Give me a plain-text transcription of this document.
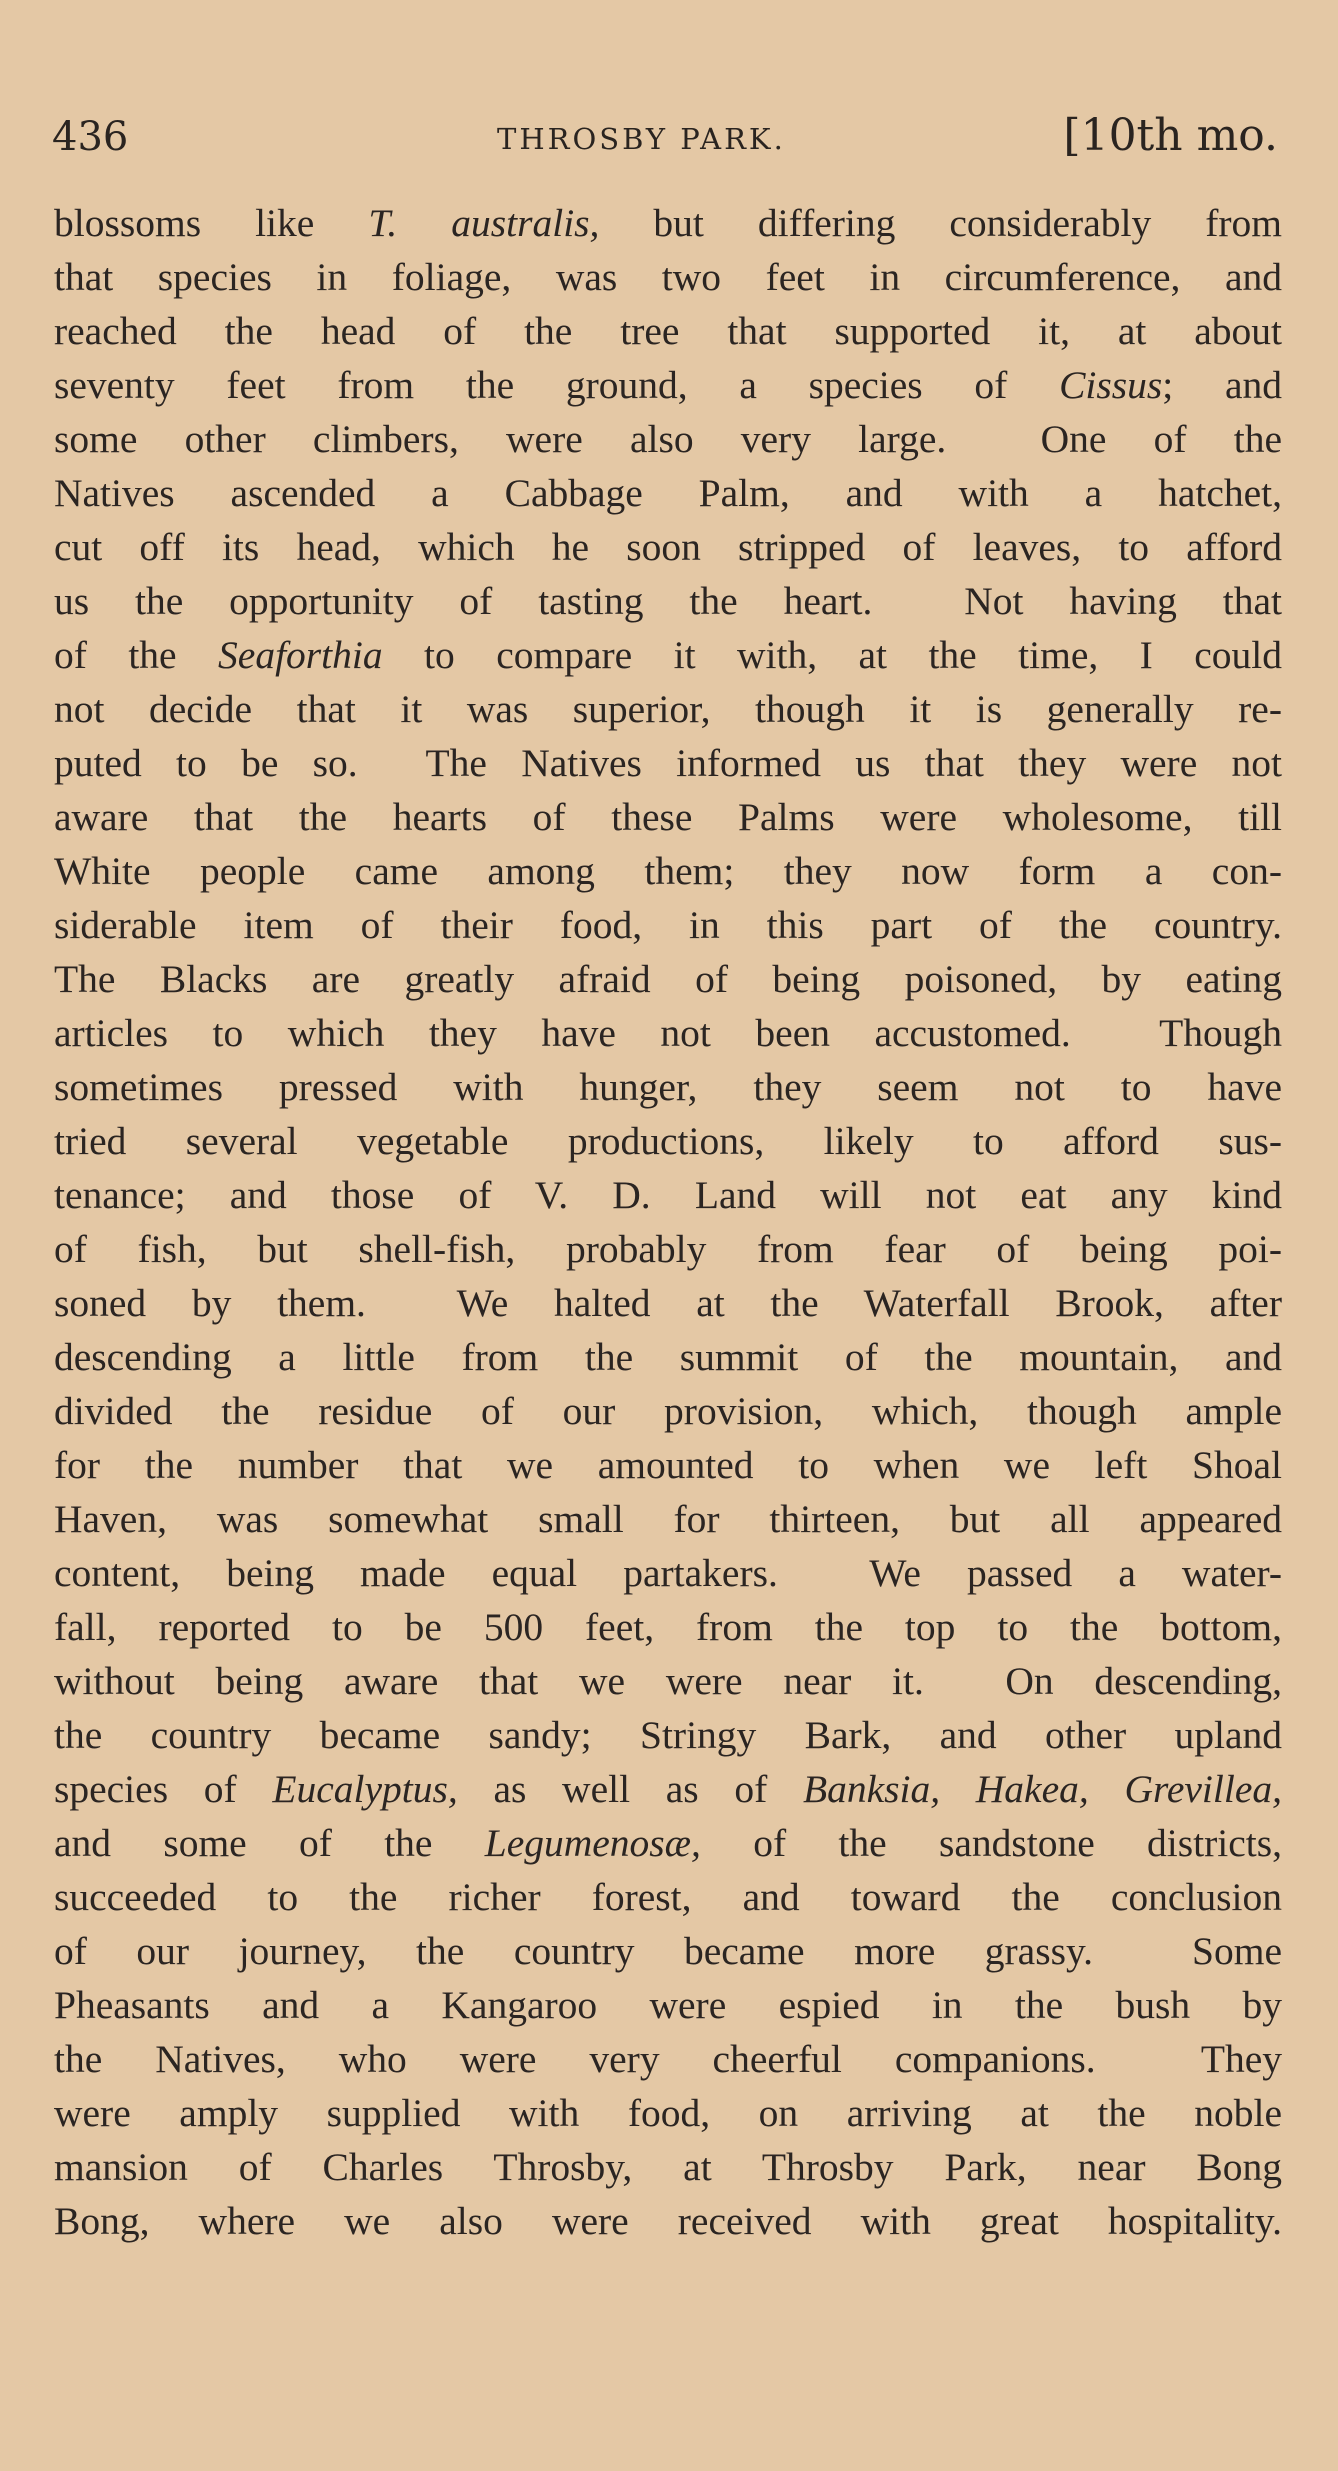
436	THROSBY PARK.	[10th mo.
blossoms like T. australis, but differing considerably from
that species in foliage, was two feet in circumference, and
reached the head of the tree that supported it, at about
seventy feet from the ground, a species of Cissus; and
some other climbers, were also very large.  One of the
Natives ascended a Cabbage Palm, and with a hatchet,
cut off its head, which he soon stripped of leaves, to afford
us the opportunity of tasting the heart.  Not having that
of the Seaforthia to compare it with, at the time, I could
not decide that it was superior, though it is generally re-
puted to be so.  The Natives informed us that they were not
aware that the hearts of these Palms were wholesome, till
White people came among them; they now form a con-
siderable item of their food, in this part of the country.
The Blacks are greatly afraid of being poisoned, by eating
articles to which they have not been accustomed.  Though
sometimes pressed with hunger, they seem not to have
tried several vegetable productions, likely to afford sus-
tenance; and those of V. D. Land will not eat any kind
of fish, but shell-fish, probably from fear of being poi-
soned by them.  We halted at the Waterfall Brook, after
descending a little from the summit of the mountain, and
divided the residue of our provision, which, though ample
for the number that we amounted to when we left Shoal
Haven, was somewhat small for thirteen, but all appeared
content, being made equal partakers.  We passed a water-
fall, reported to be 500 feet, from the top to the bottom,
without being aware that we were near it.  On descending,
the country became sandy; Stringy Bark, and other upland
species of Eucalyptus, as well as of Banksia, Hakea, Grevillea,
and some of the Legumenosæ, of the sandstone districts,
succeeded to the richer forest, and toward the conclusion
of our journey, the country became more grassy.  Some
Pheasants and a Kangaroo were espied in the bush by
the Natives, who were very cheerful companions.  They
were amply supplied with food, on arriving at the noble
mansion of Charles Throsby, at Throsby Park, near Bong
Bong, where we also were received with great hospitality.
